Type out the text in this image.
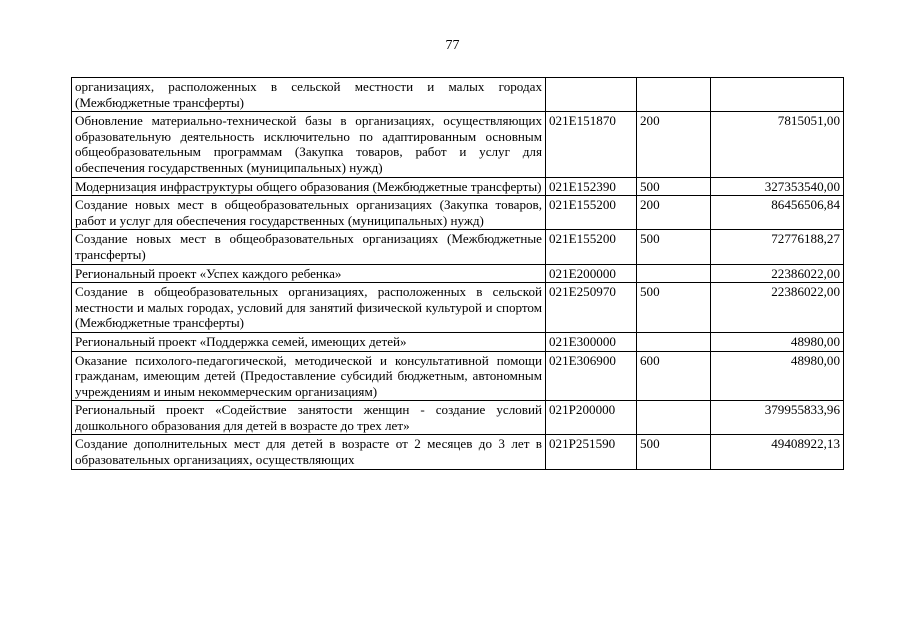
77
организациях, расположенных в сельской местности и малых городах (Межбюджетные трансферты)			
Обновление материально-технической базы в организациях, осуществляющих образовательную деятельность исключительно по адаптированным основным общеобразовательным программам (Закупка товаров, работ и услуг для обеспечения государственных (муниципальных) нужд)	021E151870	200	7815051,00
Модернизация инфраструктуры общего образования (Межбюджетные трансферты)	021E152390	500	327353540,00
Создание новых мест в общеобразовательных организациях (Закупка товаров, работ и услуг для обеспечения государственных (муниципальных) нужд)	021E155200	200	86456506,84
Создание новых мест в общеобразовательных организациях (Межбюджетные трансферты)	021E155200	500	72776188,27
Региональный проект «Успех каждого ребенка»	021E200000		22386022,00
Создание в общеобразовательных организациях, расположенных в сельской местности и малых городах, условий для занятий физической культурой и спортом (Межбюджетные трансферты)	021E250970	500	22386022,00
Региональный проект «Поддержка семей, имеющих детей»	021E300000		48980,00
Оказание психолого-педагогической, методической и консультативной помощи гражданам, имеющим детей (Предоставление субсидий бюджетным, автономным учреждениям и иным некоммерческим организациям)	021E306900	600	48980,00
Региональный проект «Содействие занятости женщин - создание условий дошкольного образования для детей в возрасте до трех лет»	021P200000		379955833,96
Создание дополнительных мест для детей в возрасте от 2 месяцев до 3 лет в образовательных организациях, осуществляющих	021P251590	500	49408922,13
